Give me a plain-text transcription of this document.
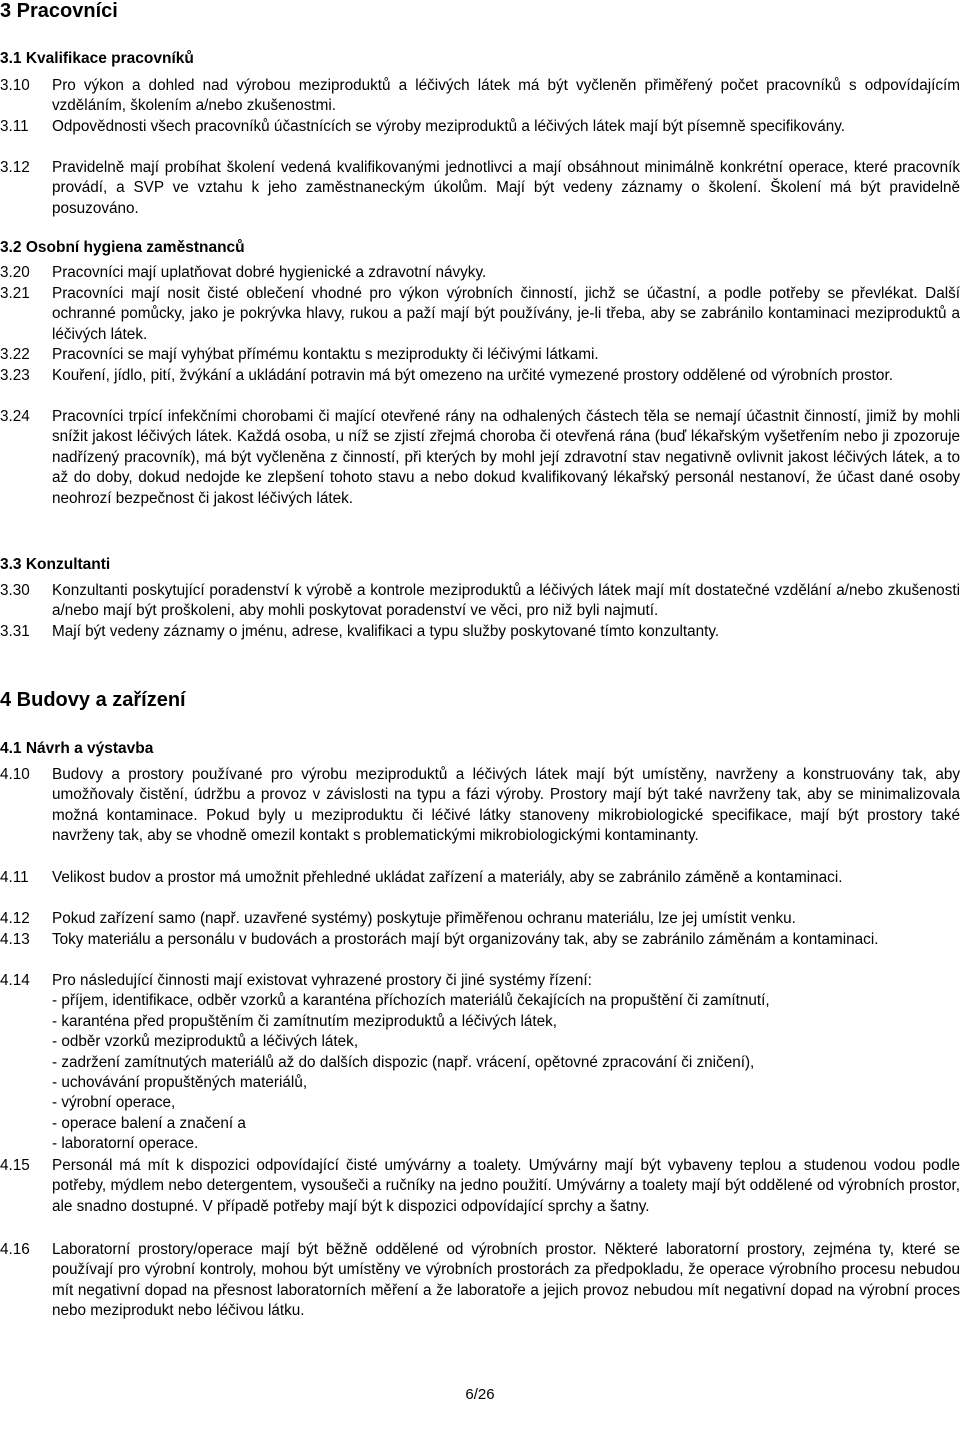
3 Pracovníci
3.1 Kvalifikace pracovníků
3.10 Pro výkon a dohled nad výrobou meziproduktů a léčivých látek má být vyčleněn přiměřený počet pracovníků s odpovídajícím vzděláním, školením a/nebo zkušenostmi.
3.11 Odpovědnosti všech pracovníků účastnících se výroby meziproduktů a léčivých látek mají být písemně specifikovány.
3.12 Pravidelně mají probíhat školení vedená kvalifikovanými jednotlivci a mají obsáhnout minimálně konkrétní operace, které pracovník provádí, a SVP ve vztahu k jeho zaměstnaneckým úkolům. Mají být vedeny záznamy o školení. Školení má být pravidelně posuzováno.
3.2 Osobní hygiena zaměstnanců
3.20 Pracovníci mají uplatňovat dobré hygienické a zdravotní návyky.
3.21 Pracovníci mají nosit čisté oblečení vhodné pro výkon výrobních činností, jichž se účastní, a podle potřeby se převlékat. Další ochranné pomůcky, jako je pokrývka hlavy, rukou a paží mají být používány, je-li třeba, aby se zabránilo kontaminaci meziproduktů a léčivých látek.
3.22 Pracovníci se mají vyhýbat přímému kontaktu s meziprodukty či léčivými látkami.
3.23 Kouření, jídlo, pití, žvýkání a ukládání potravin má být omezeno na určité vymezené prostory oddělené od výrobních prostor.
3.24 Pracovníci trpící infekčními chorobami či mající otevřené rány na odhalených částech těla se nemají účastnit činností, jimiž by mohli snížit jakost léčivých látek. Každá osoba, u níž se zjistí zřejmá choroba či otevřená rána (buď lékařským vyšetřením nebo ji zpozoruje nadřízený pracovník), má být vyčleněna z činností, při kterých by mohl její zdravotní stav negativně ovlivnit jakost léčivých látek, a to až do doby, dokud nedojde ke zlepšení tohoto stavu a nebo dokud kvalifikovaný lékařský personál nestanoví, že účast dané osoby neohrozí bezpečnost či jakost léčivých látek.
3.3 Konzultanti
3.30 Konzultanti poskytující poradenství k výrobě a kontrole meziproduktů a léčivých látek mají mít dostatečné vzdělání a/nebo zkušenosti a/nebo mají být proškoleni, aby mohli poskytovat poradenství ve věci, pro niž byli najmutí.
3.31 Mají být vedeny záznamy o jménu, adrese, kvalifikaci a typu služby poskytované tímto konzultanty.
4 Budovy a zařízení
4.1 Návrh a výstavba
4.10 Budovy a prostory používané pro výrobu meziproduktů a léčivých látek mají být umístěny, navrženy a konstruovány tak, aby umožňovaly čistění, údržbu a provoz v závislosti na typu a fázi výroby. Prostory mají být také navrženy tak, aby se minimalizovala možná kontaminace. Pokud byly u meziproduktu či léčivé látky stanoveny mikrobiologické specifikace, mají být prostory také navrženy tak, aby se vhodně omezil kontakt s problematickými mikrobiologickými kontaminanty.
4.11 Velikost budov a prostor má umožnit přehledné ukládat zařízení a materiály, aby se zabránilo záměně a kontaminaci.
4.12 Pokud zařízení samo (např. uzavřené systémy) poskytuje přiměřenou ochranu materiálu, lze jej umístit venku.
4.13 Toky materiálu a personálu v budovách a prostorách mají být organizovány tak, aby se zabránilo záměnám a kontaminaci.
4.14 Pro následující činnosti mají existovat vyhrazené prostory či jiné systémy řízení:
- příjem, identifikace, odběr vzorků a karanténa příchozích materiálů čekajících na propuštění či zamítnutí,
- karanténa před propuštěním či zamítnutím meziproduktů a léčivých látek,
- odběr vzorků meziproduktů a léčivých látek,
- zadržení zamítnutých materiálů až do dalších dispozic (např. vrácení, opětovné zpracování či zničení),
- uchovávání propuštěných materiálů,
- výrobní operace,
- operace balení a značení a
- laboratorní operace.
4.15 Personál má mít k dispozici odpovídající čisté umývárny a toalety. Umývárny mají být vybaveny teplou a studenou vodou podle potřeby, mýdlem nebo detergentem, vysoušeči a ručníky na jedno použití. Umývárny a toalety mají být oddělené od výrobních prostor, ale snadno dostupné. V případě potřeby mají být k dispozici odpovídající sprchy a šatny.
4.16 Laboratorní prostory/operace mají být běžně oddělené od výrobních prostor. Některé laboratorní prostory, zejména ty, které se používají pro výrobní kontroly, mohou být umístěny ve výrobních prostorách za předpokladu, že operace výrobního procesu nebudou mít negativní dopad na přesnost laboratorních měření a že laboratoře a jejich provoz nebudou mít negativní dopad na výrobní proces nebo meziprodukt nebo léčivou látku.
6/26
